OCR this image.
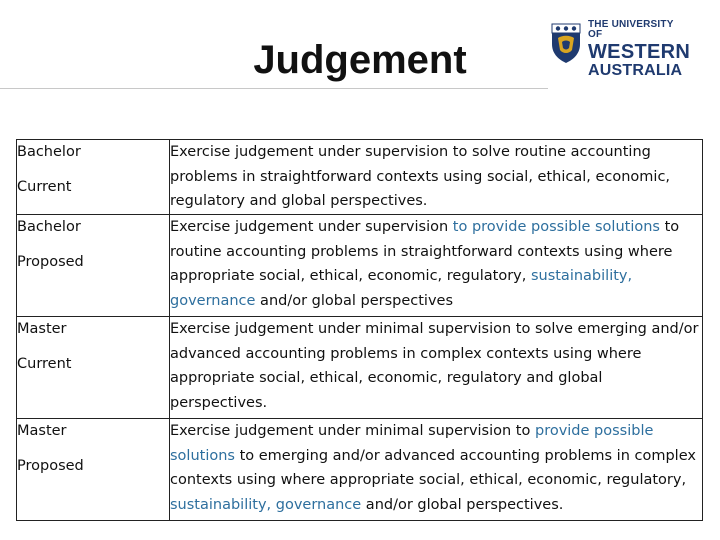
Judgement
THE UNIVERSITY OF
WESTERN
AUSTRALIA
Bachelor
Current	Exercise judgement under supervision to solve routine accounting problems in straightforward contexts using social, ethical, economic, regulatory and global perspectives.

Bachelor
Proposed	Exercise judgement under supervision to provide possible solutions to routine accounting problems in straightforward contexts using where appropriate social, ethical, economic, regulatory, sustainability, governance and/or global perspectives

Master
Current	Exercise judgement under minimal supervision to solve emerging and/or advanced accounting problems in complex contexts using where appropriate social, ethical, economic, regulatory and global perspectives.

Master
Proposed	Exercise judgement under minimal supervision to provide possible solutions to emerging and/or advanced accounting problems in complex contexts using where appropriate social, ethical, economic, regulatory, sustainability, governance and/or global perspectives.
